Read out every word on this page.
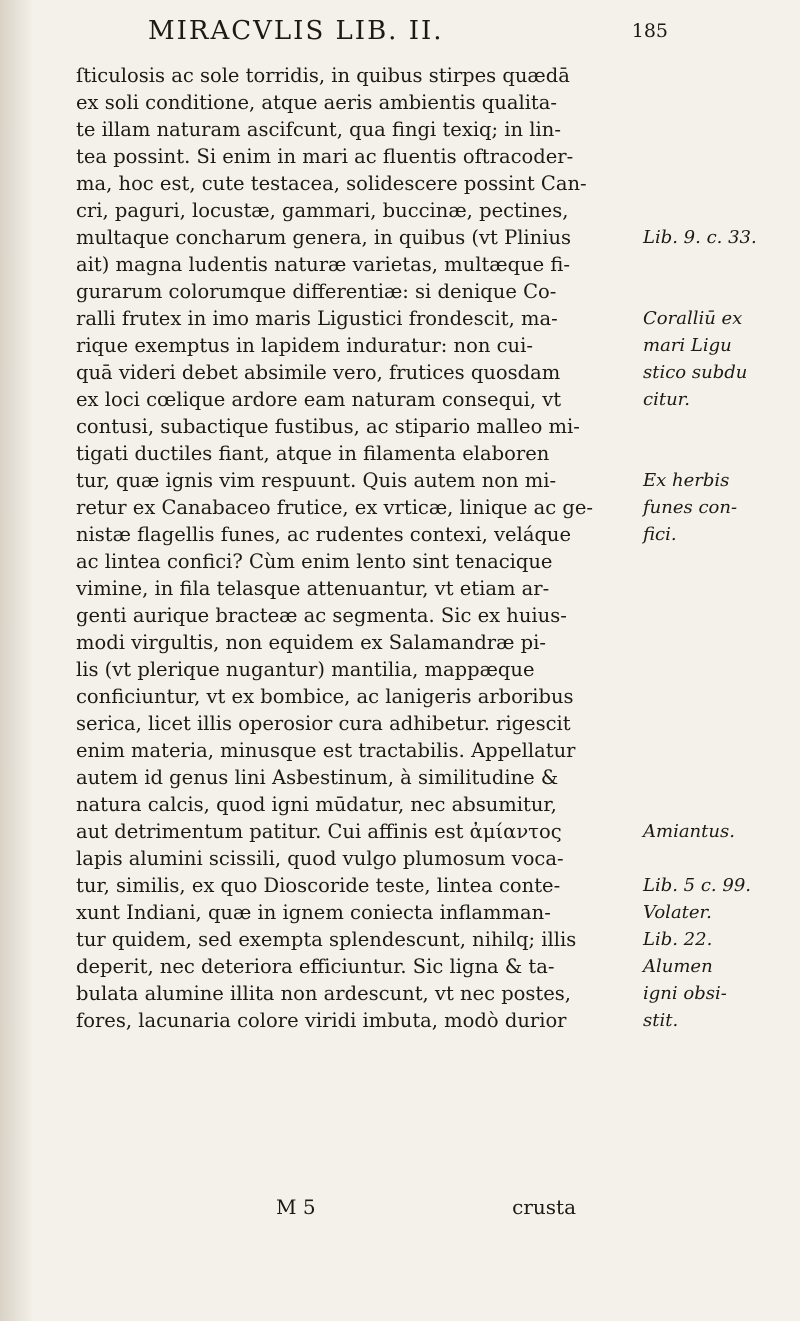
MIRACVLIS LIB. II.	185
ſticulosis ac sole torridis, in quibus stirpes quædā
ex soli conditione, atque aeris ambientis qualita-
te illam naturam ascifcunt, qua fingi texiq; in lin-
tea possint. Si enim in mari ac fluentis oftracoder-
ma, hoc est, cute testacea, solidescere possint Can-
cri, paguri, locustæ, gammari, buccinæ, pectines,
multaque concharum genera, in quibus (vt Plinius
ait) magna ludentis naturæ varietas, multæque fi-
gurarum colorumque differentiæ: si denique Co-
ralli frutex in imo maris Ligustici frondescit, ma-
rique exemptus in lapidem induratur: non cui-
quā videri debet absimile vero, frutices quosdam
ex loci cœlique ardore eam naturam consequi, vt
contusi, subactique fustibus, ac stipario malleo mi-
tigati ductiles fiant, atque in filamenta elaboren
tur, quæ ignis vim respuunt. Quis autem non mi-
retur ex Canabaceo frutice, ex vrticæ, linique ac ge-
nistæ flagellis funes, ac rudentes contexi, veláque
ac lintea confici? Cùm enim lento sint tenacique
vimine, in fila telasque attenuantur, vt etiam ar-
genti aurique bracteæ ac segmenta. Sic ex huius-
modi virgultis, non equidem ex Salamandræ pi-
lis (vt plerique nugantur) mantilia, mappæque
conficiuntur, vt ex bombice, ac lanigeris arboribus
serica, licet illis operosior cura adhibetur. rigescit
enim materia, minusque est tractabilis. Appellatur
autem id genus lini Asbestinum, à similitudine &
natura calcis, quod igni mūdatur, nec absumitur,
aut detrimentum patitur. Cui affinis est ἀμίαντος
lapis alumini scissili, quod vulgo plumosum voca-
tur, similis, ex quo Dioscoride teste, lintea conte-
xunt Indiani, quæ in ignem coniecta inflamman-
tur quidem, sed exempta splendescunt, nihilq; illis
deperit, nec deteriora efficiuntur. Sic ligna & ta-
bulata alumine illita non ardescunt, vt nec postes,
fores, lacunaria colore viridi imbuta, modò durior
Lib. 9. c. 33.
Coralliū ex
mari Ligu
stico subdu
citur.
Ex herbis
funes con-
fici.
Amiantus.
Lib. 5 c. 99.
Volater.
Lib. 22.
Alumen
igni obsi-
stit.
M 5	crusta
